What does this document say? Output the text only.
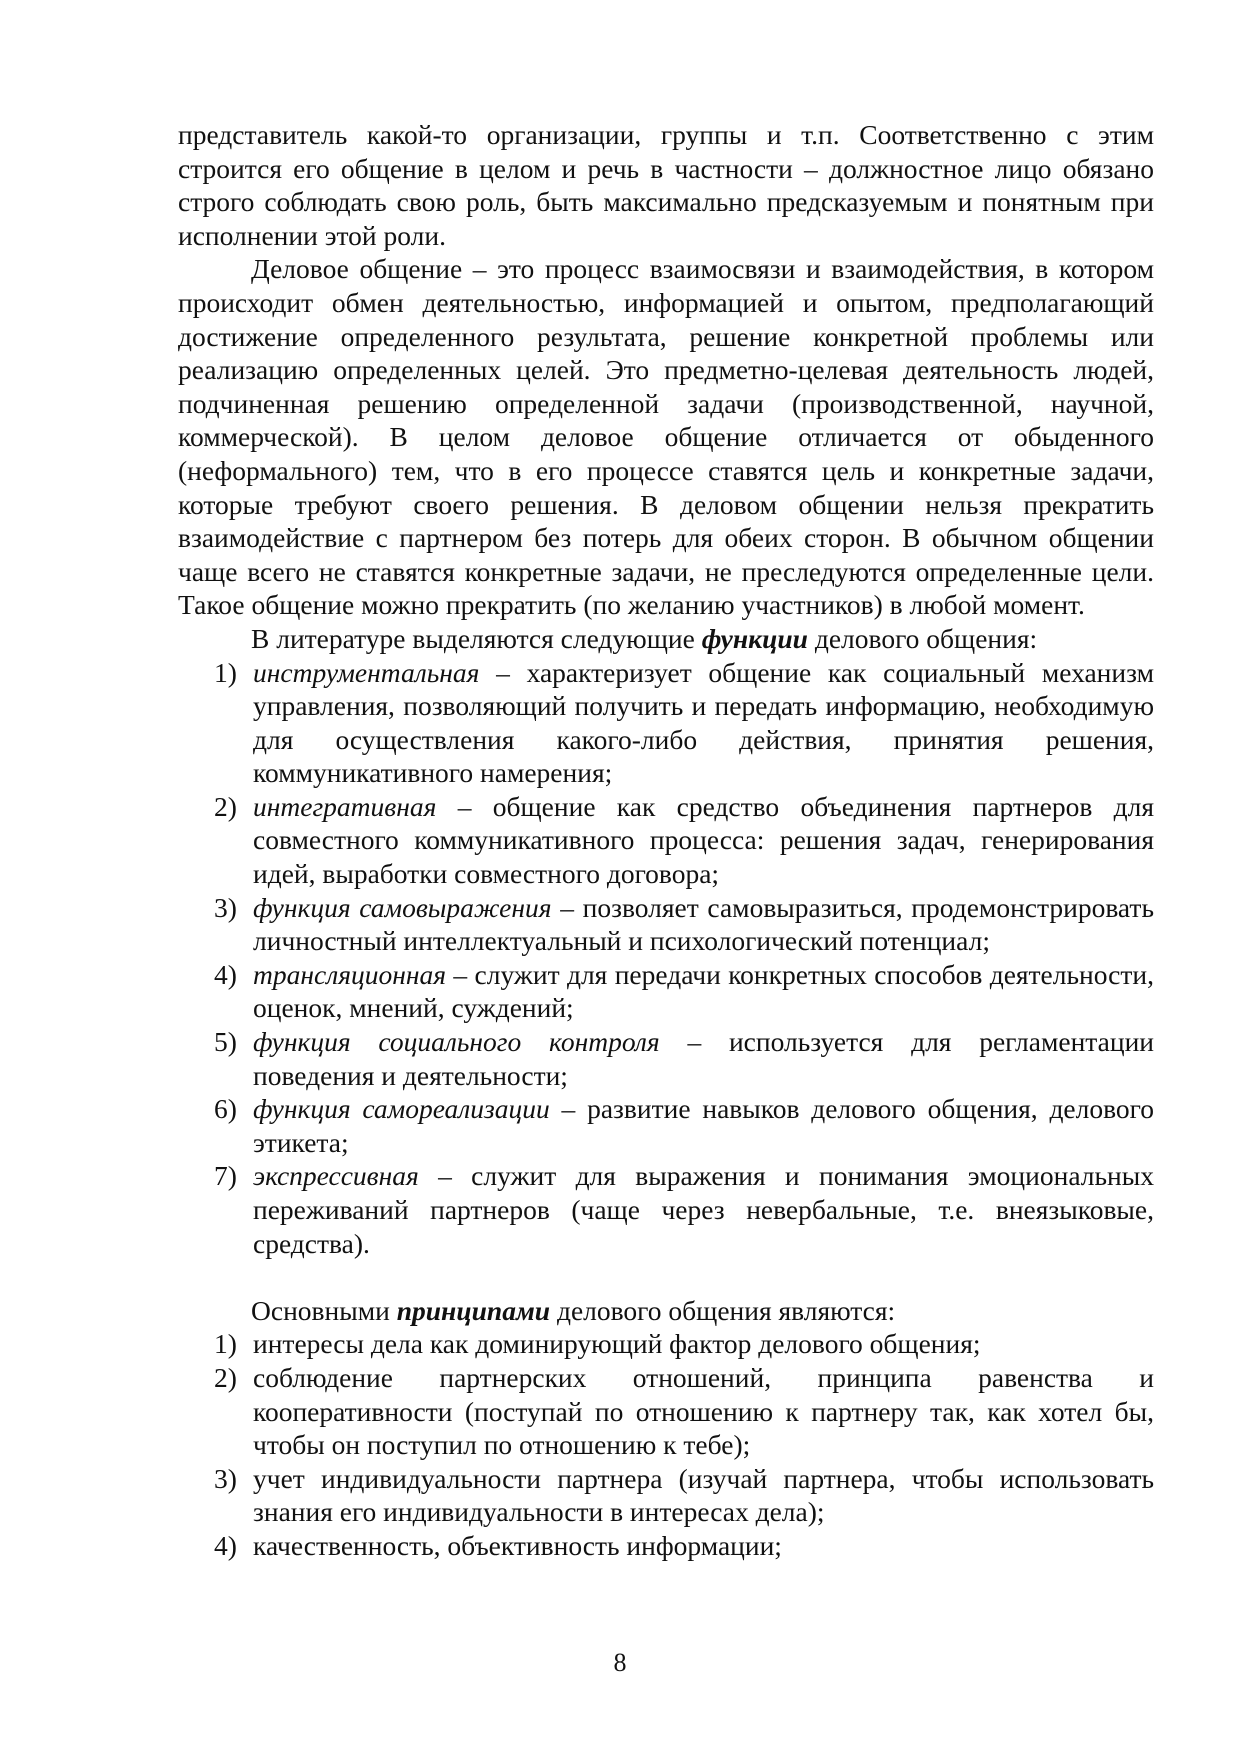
представитель какой-то организации, группы и т.п. Соответственно с этим строится его общение в целом и речь в частности – должностное лицо обязано строго соблюдать свою роль, быть максимально предсказуемым и понятным при исполнении этой роли.

Деловое общение – это процесс взаимосвязи и взаимодействия, в котором происходит обмен деятельностью, информацией и опытом, предполагающий достижение определенного результата, решение конкретной проблемы или реализацию определенных целей. Это предметно-целевая деятельность людей, подчиненная решению определенной задачи (производственной, научной, коммерческой). В целом деловое общение отличается от обыденного (неформального) тем, что в его процессе ставятся цель и конкретные задачи, которые требуют своего решения. В деловом общении нельзя прекратить взаимодействие с партнером без потерь для обеих сторон. В обычном общении чаще всего не ставятся конкретные задачи, не преследуются определенные цели. Такое общение можно прекратить (по желанию участников) в любой момент.

В литературе выделяются следующие функции делового общения:

1) инструментальная – характеризует общение как социальный механизм управления, позволяющий получить и передать информацию, необходимую для осуществления какого-либо действия, принятия решения, коммуникативного намерения;
2) интегративная – общение как средство объединения партнеров для совместного коммуникативного процесса: решения задач, генерирования идей, выработки совместного договора;
3) функция самовыражения – позволяет самовыразиться, продемонстрировать личностный интеллектуальный и психологический потенциал;
4) трансляционная – служит для передачи конкретных способов деятельности, оценок, мнений, суждений;
5) функция социального контроля – используется для регламентации поведения и деятельности;
6) функция самореализации – развитие навыков делового общения, делового этикета;
7) экспрессивная – служит для выражения и понимания эмоциональных переживаний партнеров (чаще через невербальные, т.е. внеязыковые, средства).

Основными принципами делового общения являются:

1) интересы дела как доминирующий фактор делового общения;
2) соблюдение партнерских отношений, принципа равенства и кооперативности (поступай по отношению к партнеру так, как хотел бы, чтобы он поступил по отношению к тебе);
3) учет индивидуальности партнера (изучай партнера, чтобы использовать знания его индивидуальности в интересах дела);
4) качественность, объективность информации;
8
